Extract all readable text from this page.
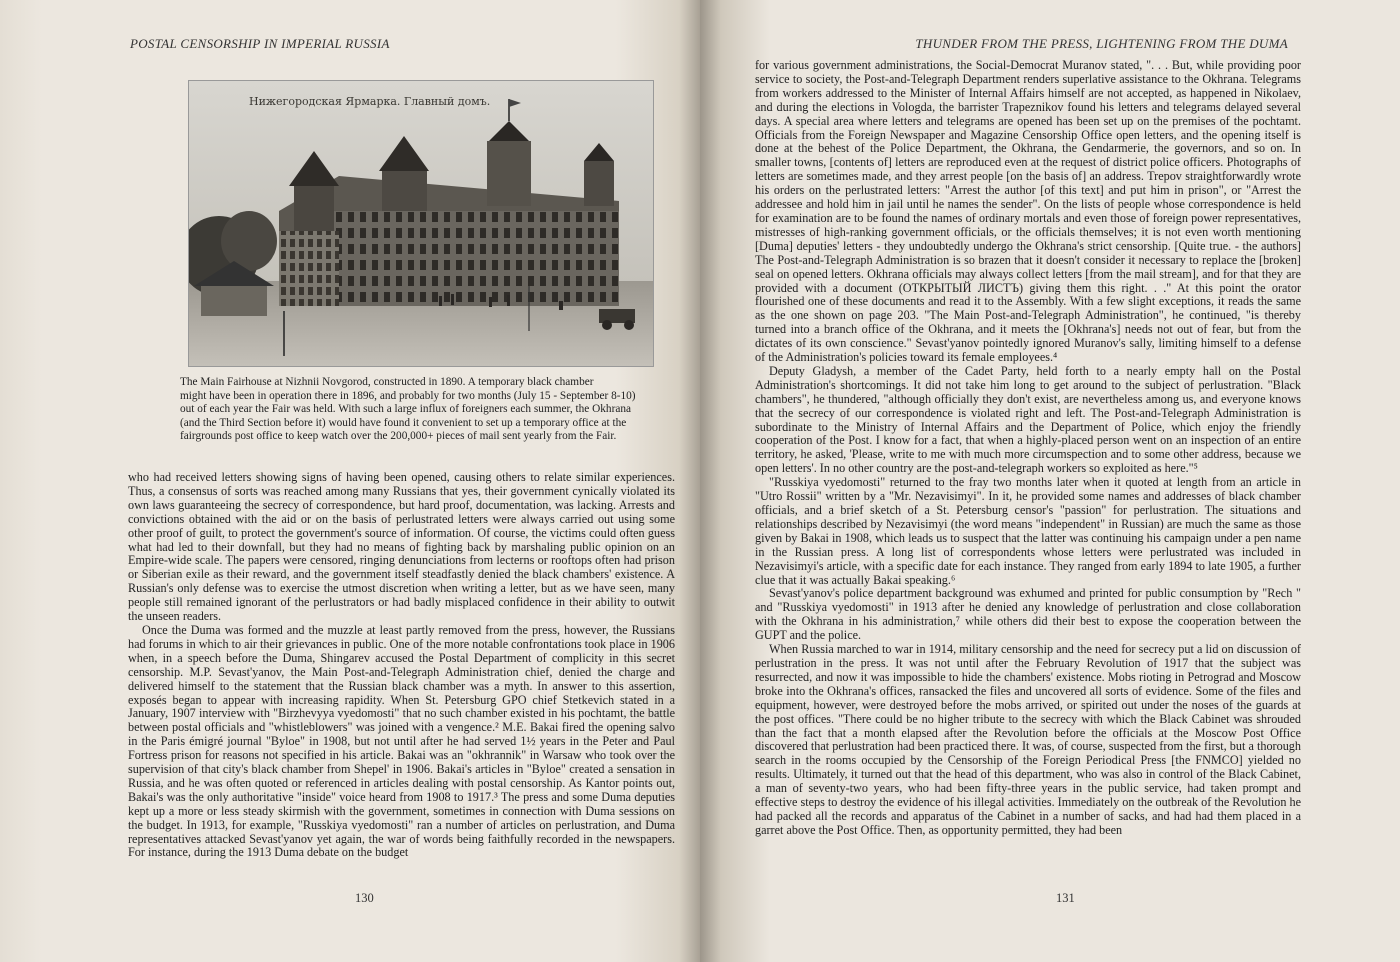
POSTAL CENSORSHIP IN IMPERIAL RUSSIA
Нижегородская Ярмарка. Главный домъ.
The Main Fairhouse at Nizhnii Novgorod, constructed in 1890. A temporary black chamber
might have been in operation there in 1896, and probably for two months (July 15 - September 8-10)
out of each year the Fair was held. With such a large influx of foreigners each summer, the Okhrana
(and the Third Section before it) would have found it convenient to set up a temporary office at the
fairgrounds post office to keep watch over the 200,000+ pieces of mail sent yearly from the Fair.

who had received letters showing signs of having been opened, causing others to relate similar experiences. Thus, a consensus of sorts was reached among many Russians that yes, their government cynically violated its own laws guaranteeing the secrecy of correspondence, but hard proof, documentation, was lacking. Arrests and convictions obtained with the aid or on the basis of perlustrated letters were always carried out using some other proof of guilt, to protect the government's source of information. Of course, the victims could often guess what had led to their downfall, but they had no means of fighting back by marshaling public opinion on an Empire-wide scale. The papers were censored, ringing denunciations from lecterns or rooftops often had prison or Siberian exile as their reward, and the government itself steadfastly denied the black chambers' existence. A Russian's only defense was to exercise the utmost discretion when writing a letter, but as we have seen, many people still remained ignorant of the perlustrators or had badly misplaced confidence in their ability to outwit the unseen readers.

Once the Duma was formed and the muzzle at least partly removed from the press, however, the Russians had forums in which to air their grievances in public. One of the more notable confrontations took place in 1906 when, in a speech before the Duma, Shingarev accused the Postal Department of complicity in this secret censorship. M.P. Sevast'yanov, the Main Post-and-Telegraph Administration chief, denied the charge and delivered himself to the statement that the Russian black chamber was a myth. In answer to this assertion, exposés began to appear with increasing rapidity. When St. Petersburg GPO chief Stetkevich stated in a January, 1907 interview with "Birzhevyya vyedomosti" that no such chamber existed in his pochtamt, the battle between postal officials and "whistleblowers" was joined with a vengence.² M.E. Bakai fired the opening salvo in the Paris émigré journal "Byloe" in 1908, but not until after he had served 1½ years in the Peter and Paul Fortress prison for reasons not specified in his article. Bakai was an "okhrannik" in Warsaw who took over the supervision of that city's black chamber from Shepel' in 1906. Bakai's articles in "Byloe" created a sensation in Russia, and he was often quoted or referenced in articles dealing with postal censorship. As Kantor points out, Bakai's was the only authoritative "inside" voice heard from 1908 to 1917.³ The press and some Duma deputies kept up a more or less steady skirmish with the government, sometimes in connection with Duma sessions on the budget. In 1913, for example, "Russkiya vyedomosti" ran a number of articles on perlustration, and Duma representatives attacked Sevast'yanov yet again, the war of words being faithfully recorded in the newspapers. For instance, during the 1913 Duma debate on the budget

130
THUNDER FROM THE PRESS, LIGHTENING FROM THE DUMA

for various government administrations, the Social-Democrat Muranov stated, ". . . But, while providing poor service to society, the Post-and-Telegraph Department renders superlative assistance to the Okhrana. Telegrams from workers addressed to the Minister of Internal Affairs himself are not accepted, as happened in Nikolaev, and during the elections in Vologda, the barrister Trapeznikov found his letters and telegrams delayed several days. A special area where letters and telegrams are opened has been set up on the premises of the pochtamt. Officials from the Foreign Newspaper and Magazine Censorship Office open letters, and the opening itself is done at the behest of the Police Department, the Okhrana, the Gendarmerie, the governors, and so on. In smaller towns, [contents of] letters are reproduced even at the request of district police officers. Photographs of letters are sometimes made, and they arrest people [on the basis of] an address. Trepov straightforwardly wrote his orders on the perlustrated letters: "Arrest the author [of this text] and put him in prison", or "Arrest the addressee and hold him in jail until he names the sender". On the lists of people whose correspondence is held for examination are to be found the names of ordinary mortals and even those of foreign power representatives, mistresses of high-ranking government officials, or the officials themselves; it is not even worth mentioning [Duma] deputies' letters - they undoubtedly undergo the Okhrana's strict censorship. [Quite true. - the authors] The Post-and-Telegraph Administration is so brazen that it doesn't consider it necessary to replace the [broken] seal on opened letters. Okhrana officials may always collect letters [from the mail stream], and for that they are provided with a document (ОТКРЫТЫЙ ЛИСТЪ) giving them this right. . ." At this point the orator flourished one of these documents and read it to the Assembly. With a few slight exceptions, it reads the same as the one shown on page 203. "The Main Post-and-Telegraph Administration", he continued, "is thereby turned into a branch office of the Okhrana, and it meets the [Okhrana's] needs not out of fear, but from the dictates of its own conscience." Sevast'yanov pointedly ignored Muranov's sally, limiting himself to a defense of the Administration's policies toward its female employees.⁴

Deputy Gladysh, a member of the Cadet Party, held forth to a nearly empty hall on the Postal Administration's shortcomings. It did not take him long to get around to the subject of perlustration. "Black chambers", he thundered, "although officially they don't exist, are nevertheless among us, and everyone knows that the secrecy of our correspondence is violated right and left. The Post-and-Telegraph Administration is subordinate to the Ministry of Internal Affairs and the Department of Police, which enjoy the friendly cooperation of the Post. I know for a fact, that when a highly-placed person went on an inspection of an entire territory, he asked, 'Please, write to me with much more circumspection and to some other address, because we open letters'. In no other country are the post-and-telegraph workers so exploited as here."⁵

"Russkiya vyedomosti" returned to the fray two months later when it quoted at length from an article in "Utro Rossii" written by a "Mr. Nezavisimyi". In it, he provided some names and addresses of black chamber officials, and a brief sketch of a St. Petersburg censor's "passion" for perlustration. The situations and relationships described by Nezavisimyi (the word means "independent" in Russian) are much the same as those given by Bakai in 1908, which leads us to suspect that the latter was continuing his campaign under a pen name in the Russian press. A long list of correspondents whose letters were perlustrated was included in Nezavisimyi's article, with a specific date for each instance. They ranged from early 1894 to late 1905, a further clue that it was actually Bakai speaking.⁶

Sevast'yanov's police department background was exhumed and printed for public consumption by "Rech " and "Russkiya vyedomosti" in 1913 after he denied any knowledge of perlustration and close collaboration with the Okhrana in his administration,⁷ while others did their best to expose the cooperation between the GUPT and the police.

When Russia marched to war in 1914, military censorship and the need for secrecy put a lid on discussion of perlustration in the press. It was not until after the February Revolution of 1917 that the subject was resurrected, and now it was impossible to hide the chambers' existence. Mobs rioting in Petrograd and Moscow broke into the Okhrana's offices, ransacked the files and uncovered all sorts of evidence. Some of the files and equipment, however, were destroyed before the mobs arrived, or spirited out under the noses of the guards at the post offices. "There could be no higher tribute to the secrecy with which the Black Cabinet was shrouded than the fact that a month elapsed after the Revolution before the officials at the Moscow Post Office discovered that perlustration had been practiced there. It was, of course, suspected from the first, but a thorough search in the rooms occupied by the Censorship of the Foreign Periodical Press [the FNMCO] yielded no results. Ultimately, it turned out that the head of this department, who was also in control of the Black Cabinet, a man of seventy-two years, who had been fifty-three years in the public service, had taken prompt and effective steps to destroy the evidence of his illegal activities. Immediately on the outbreak of the Revolution he had packed all the records and apparatus of the Cabinet in a number of sacks, and had had them placed in a garret above the Post Office. Then, as opportunity permitted, they had been

131
